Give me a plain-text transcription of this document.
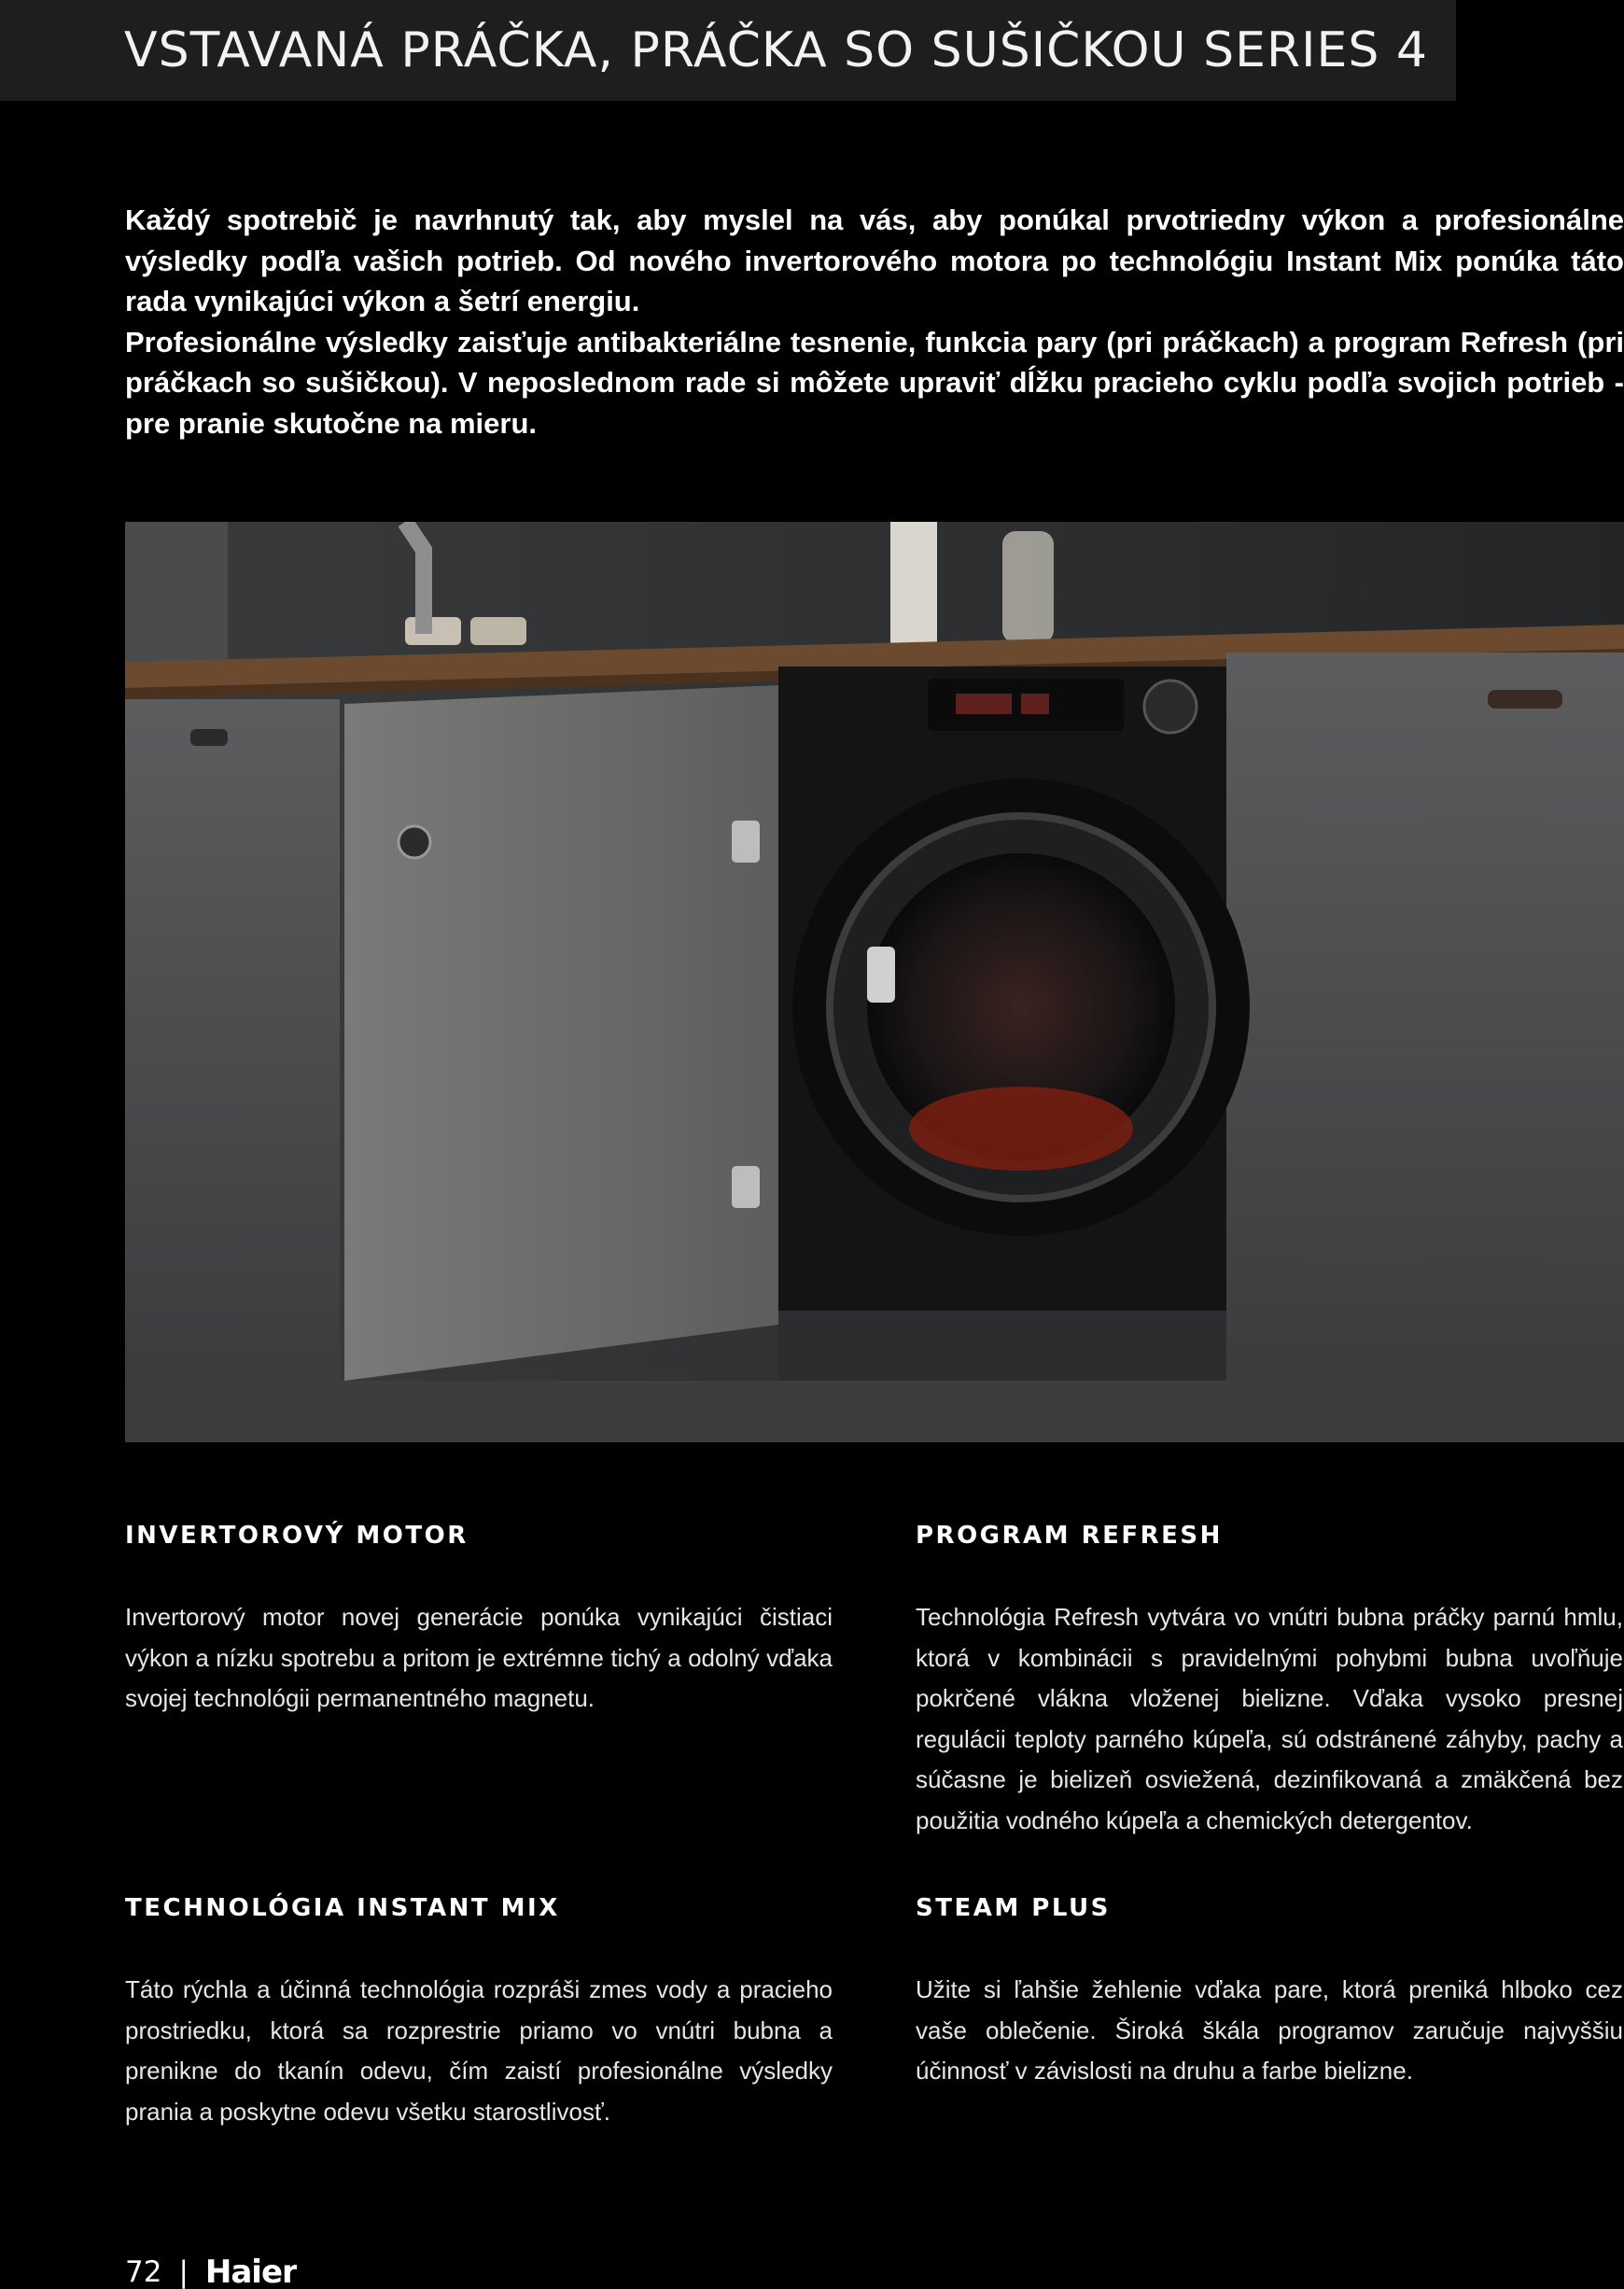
VSTAVANÁ PRÁČKA, PRÁČKA SO SUŠIČKOU SERIES 4

Každý spotrebič je navrhnutý tak, aby myslel na vás, aby ponúkal prvotriedny výkon a profesionálne výsledky podľa vašich potrieb. Od nového invertorového motora po technológiu Instant Mix ponúka táto rada vynikajúci výkon a šetrí energiu.

Profesionálne výsledky zaisťuje antibakteriálne tesnenie, funkcia pary (pri práčkach) a program Refresh (pri práčkach so sušičkou). V neposlednom rade si môžete upraviť dĺžku pracieho cyklu podľa svojich potrieb - pre pranie skutočne na mieru.

INVERTOROVÝ MOTOR

Invertorový motor novej generácie ponúka vynikajúci čistiaci výkon a nízku spotrebu a pritom je extrémne tichý a odolný vďaka svojej technológii permanentného magnetu.

PROGRAM REFRESH

Technológia Refresh vytvára vo vnútri bubna práčky parnú hmlu, ktorá v kombinácii s pravidelnými pohybmi bubna uvoľňuje pokrčené vlákna vloženej bielizne. Vďaka vysoko presnej regulácii teploty parného kúpeľa, sú odstránené záhyby, pachy a súčasne je bielizeň osviežená, dezinfikovaná a zmäkčená bez použitia vodného kúpeľa a chemických detergentov.

TECHNOLÓGIA INSTANT MIX

Táto rýchla a účinná technológia rozpráši zmes vody a pracieho prostriedku, ktorá sa rozprestrie priamo vo vnútri bubna a prenikne do tkanín odevu, čím zaistí profesionálne výsledky prania a poskytne odevu všetku starostlivosť.

STEAM PLUS

Užite si ľahšie žehlenie vďaka pare, ktorá preniká hlboko cez vaše oblečenie. Široká škála programov zaručuje najvyššiu účinnosť v závislosti na druhu a farbe bielizne.

72 | Haier
